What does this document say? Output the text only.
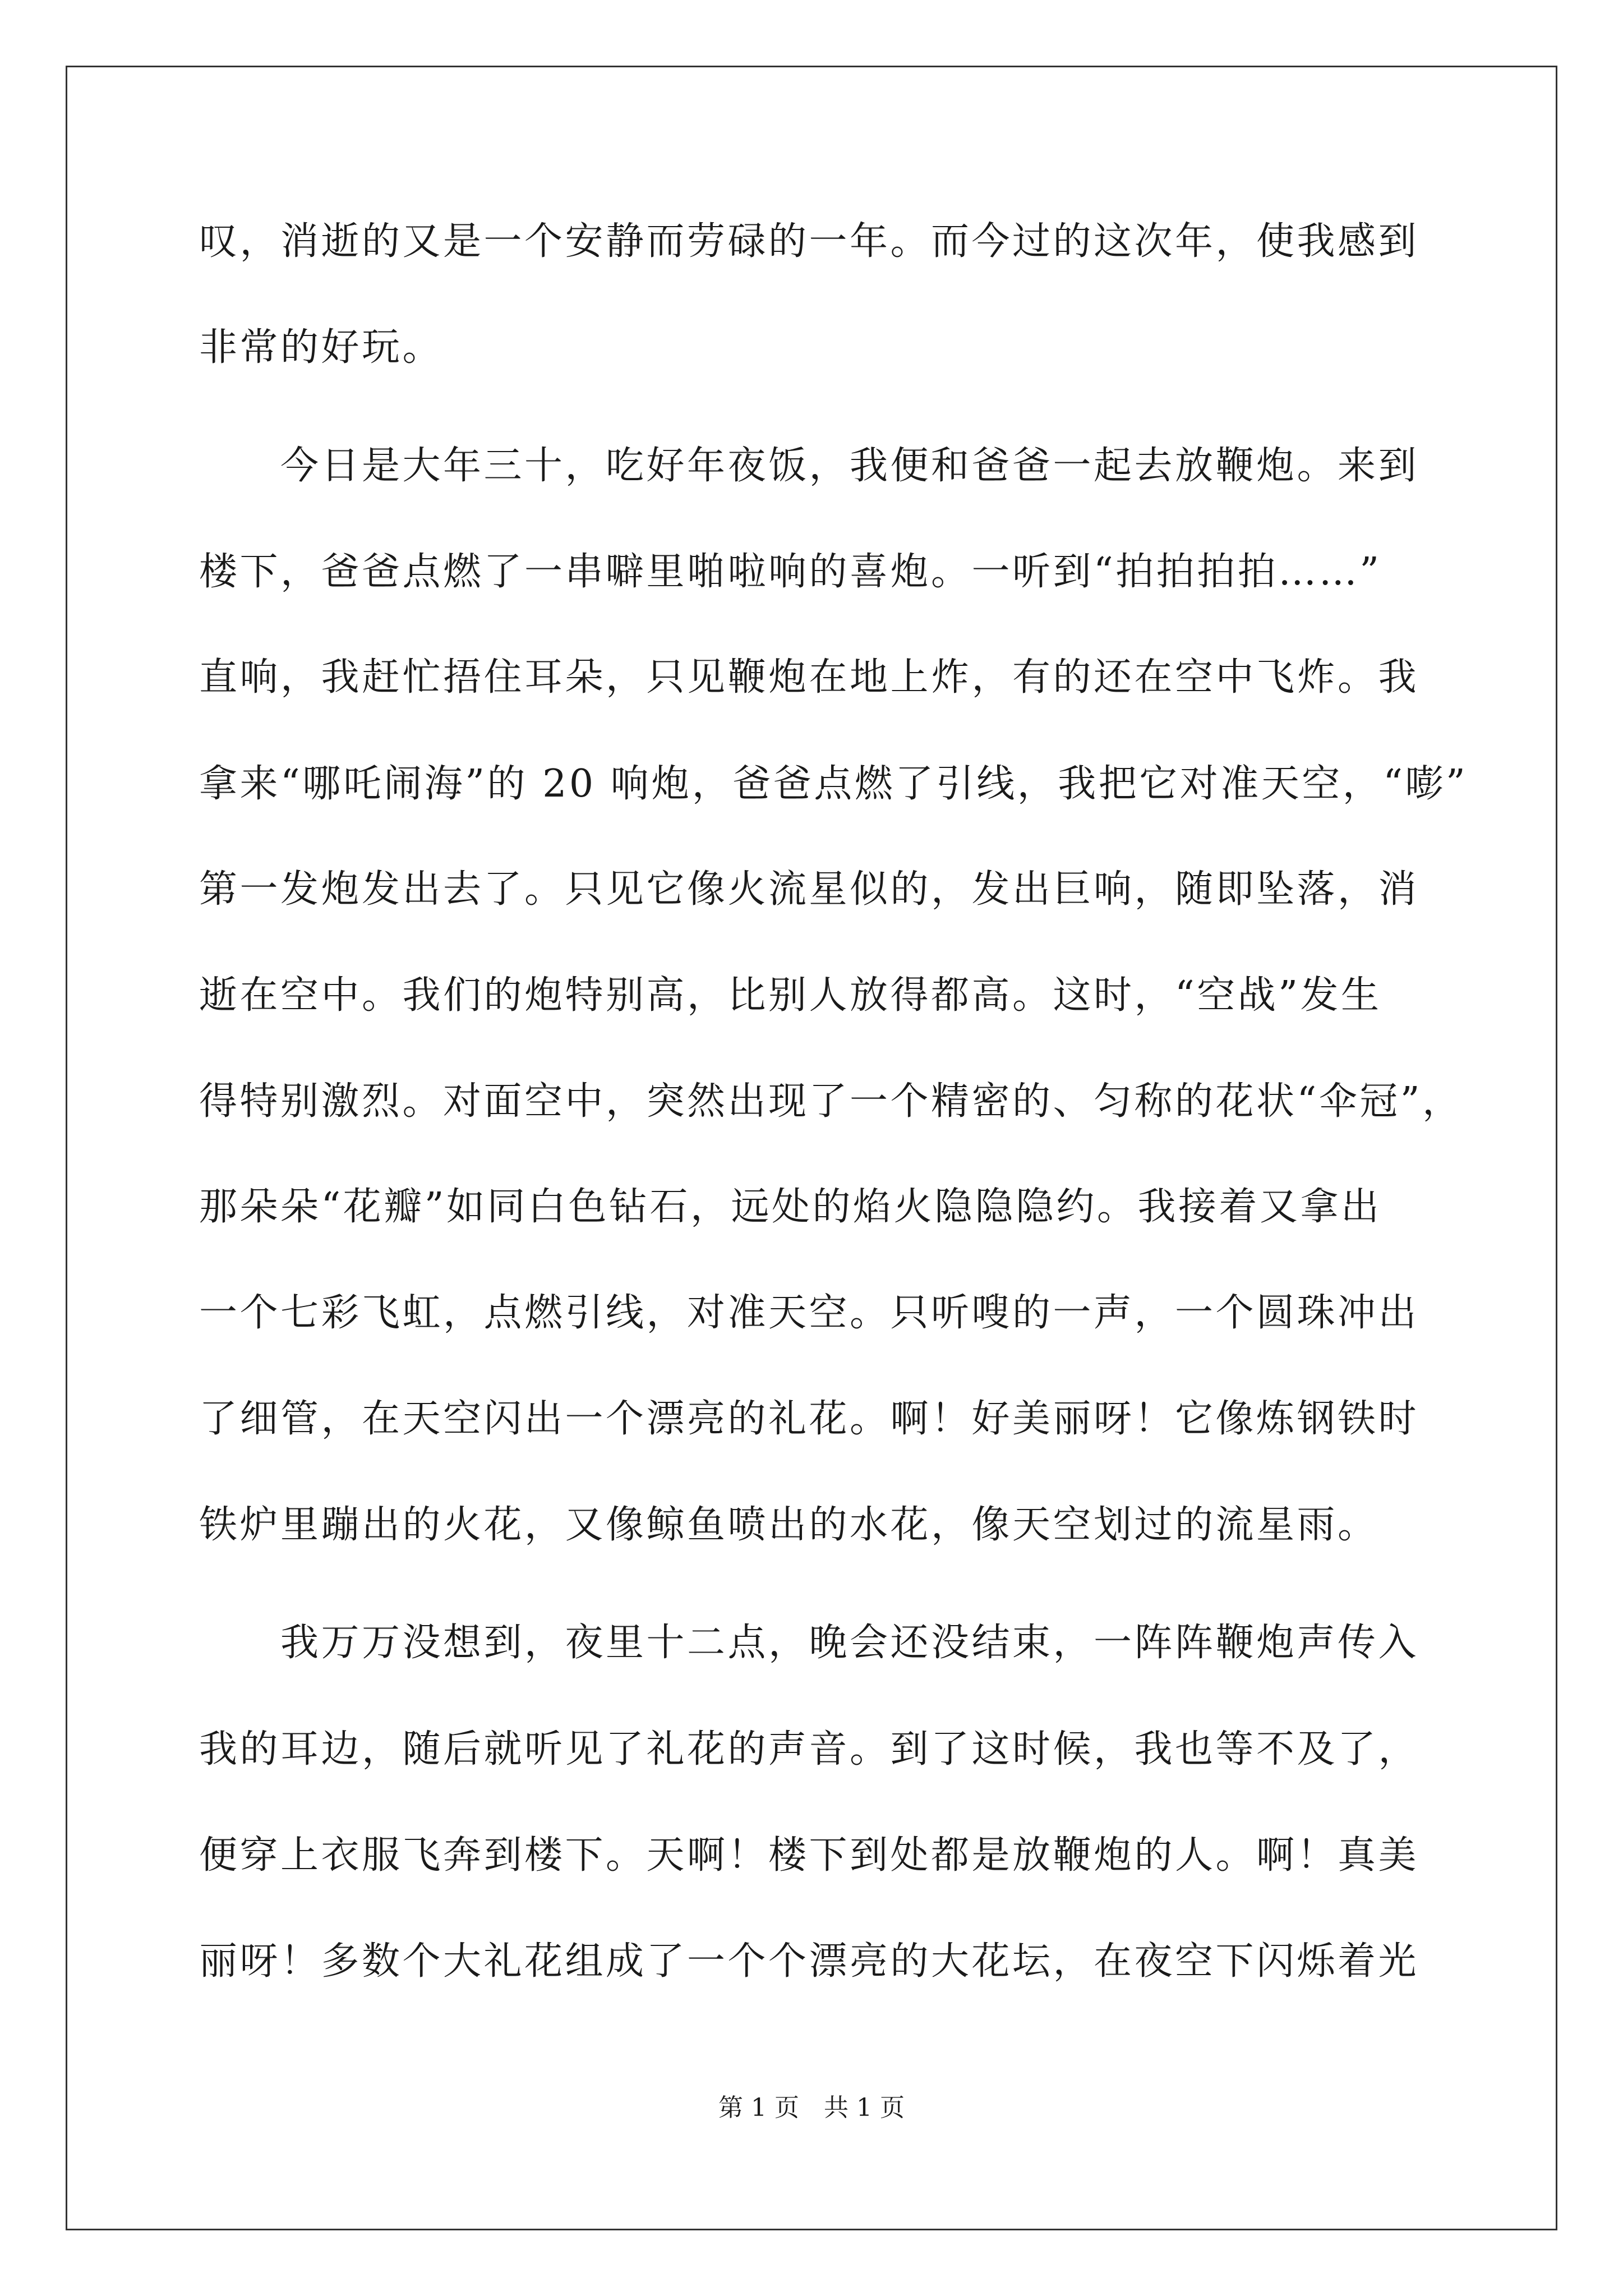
叹，消逝的又是一个安静而劳碌的一年。而今过的这次年，使我感到

非常的好玩。

今日是大年三十，吃好年夜饭，我便和爸爸一起去放鞭炮。来到

楼下，爸爸点燃了一串噼里啪啦响的喜炮。一听到“拍拍拍拍……”

直响，我赶忙捂住耳朵，只见鞭炮在地上炸，有的还在空中飞炸。我

拿来“哪吒闹海”的 20 响炮，爸爸点燃了引线，我把它对准天空，“嘭”

第一发炮发出去了。只见它像火流星似的，发出巨响，随即坠落，消

逝在空中。我们的炮特别高，比别人放得都高。这时，“空战”发生

得特别激烈。对面空中，突然出现了一个精密的、匀称的花状“伞冠”，

那朵朵“花瓣”如同白色钻石，远处的焰火隐隐隐约。我接着又拿出

一个七彩飞虹，点燃引线，对准天空。只听嗖的一声，一个圆珠冲出

了细管，在天空闪出一个漂亮的礼花。啊！好美丽呀！它像炼钢铁时

铁炉里蹦出的火花，又像鲸鱼喷出的水花，像天空划过的流星雨。

我万万没想到，夜里十二点，晚会还没结束，一阵阵鞭炮声传入

我的耳边，随后就听见了礼花的声音。到了这时候，我也等不及了，

便穿上衣服飞奔到楼下。天啊！楼下到处都是放鞭炮的人。啊！真美

丽呀！多数个大礼花组成了一个个漂亮的大花坛，在夜空下闪烁着光

第 1 页　共 1 页
